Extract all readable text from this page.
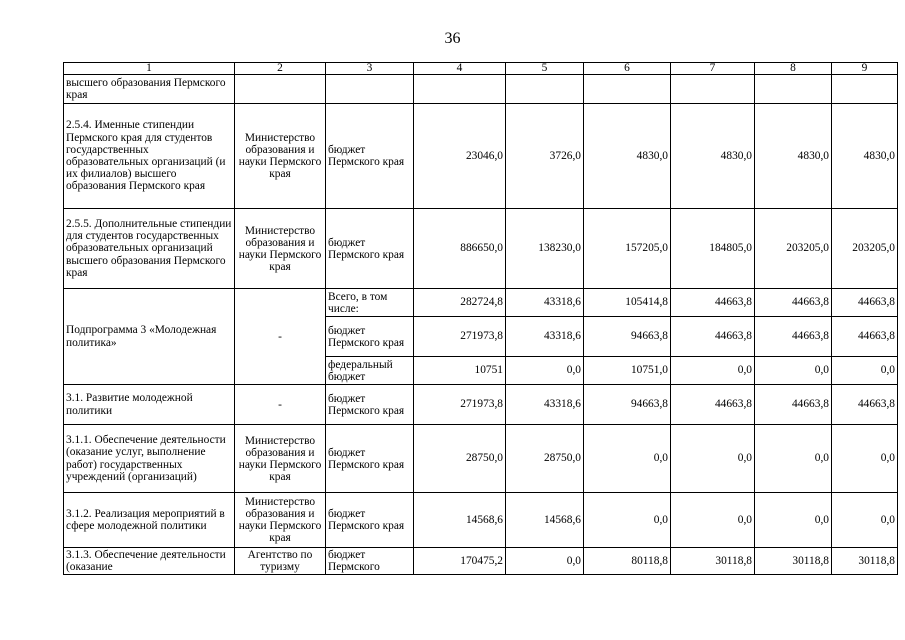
36
1	2	3	4	5	6	7	8	9
высшего образования Пермского края								
2.5.4. Именные стипендии Пермского края для студентов государственных образовательных организаций (и их филиалов) высшего образования Пермского края	Министерство образования и науки Пермского края	бюджет Пермского края	23046,0	3726,0	4830,0	4830,0	4830,0	4830,0
2.5.5. Дополнительные стипендии для студентов государственных образовательных организаций высшего образования Пермского края	Министерство образования и науки Пермского края	бюджет Пермского края	886650,0	138230,0	157205,0	184805,0	203205,0	203205,0
Подпрограмма 3 «Молодежная политика»	-	Всего, в том числе:	282724,8	43318,6	105414,8	44663,8	44663,8	44663,8
		бюджет Пермского края	271973,8	43318,6	94663,8	44663,8	44663,8	44663,8
		федеральный бюджет	10751	0,0	10751,0	0,0	0,0	0,0
3.1. Развитие молодежной политики	-	бюджет Пермского края	271973,8	43318,6	94663,8	44663,8	44663,8	44663,8
3.1.1. Обеспечение деятельности (оказание услуг, выполнение работ) государственных учреждений (организаций)	Министерство образования и науки Пермского края	бюджет Пермского края	28750,0	28750,0	0,0	0,0	0,0	0,0
3.1.2. Реализация мероприятий в сфере молодежной политики	Министерство образования и науки Пермского края	бюджет Пермского края	14568,6	14568,6	0,0	0,0	0,0	0,0
3.1.3. Обеспечение деятельности (оказание	Агентство по туризму	бюджет Пермского	170475,2	0,0	80118,8	30118,8	30118,8	30118,8
